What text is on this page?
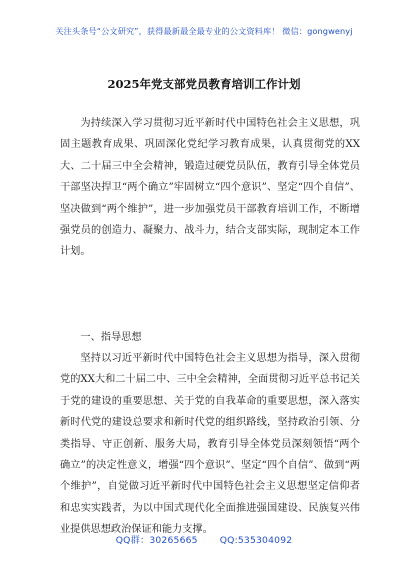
关注头条号“公文研究”，获得最新最全最专业的公文资料库！ 微信：gongwenyj
2025年党支部党员教育培训工作计划

为持续深入学习贯彻习近平新时代中国特色社会主义思想，巩固主题教育成果、巩固深化党纪学习教育成果，认真贯彻党的XX大、二十届三中全会精神，锻造过硬党员队伍，教育引导全体党员干部坚决捍卫“两个确立”牢固树立“四个意识”、坚定“四个自信”、坚决做到“两个维护”，进一步加强党员干部教育培训工作，不断增强党员的创造力、凝聚力、战斗力，结合支部实际，现制定本工作计划。

一、指导思想

坚持以习近平新时代中国特色社会主义思想为指导，深入贯彻党的XX大和二十届二中、三中全会精神，全面贯彻习近平总书记关于党的建设的重要思想、关于党的自我革命的重要思想，深入落实新时代党的建设总要求和新时代党的组织路线，坚持政治引领、分类指导、守正创新、服务大局，教育引导全体党员深刻领悟“两个确立”的决定性意义，增强“四个意识”、坚定“四个自信”、做到“两个维护”，自觉做习近平新时代中国特色社会主义思想坚定信仰者和忠实实践者，为以中国式现代化全面推进强国建设、民族复兴伟业提供思想政治保证和能力支撑。

QQ群：30265665 QQ:535304092
